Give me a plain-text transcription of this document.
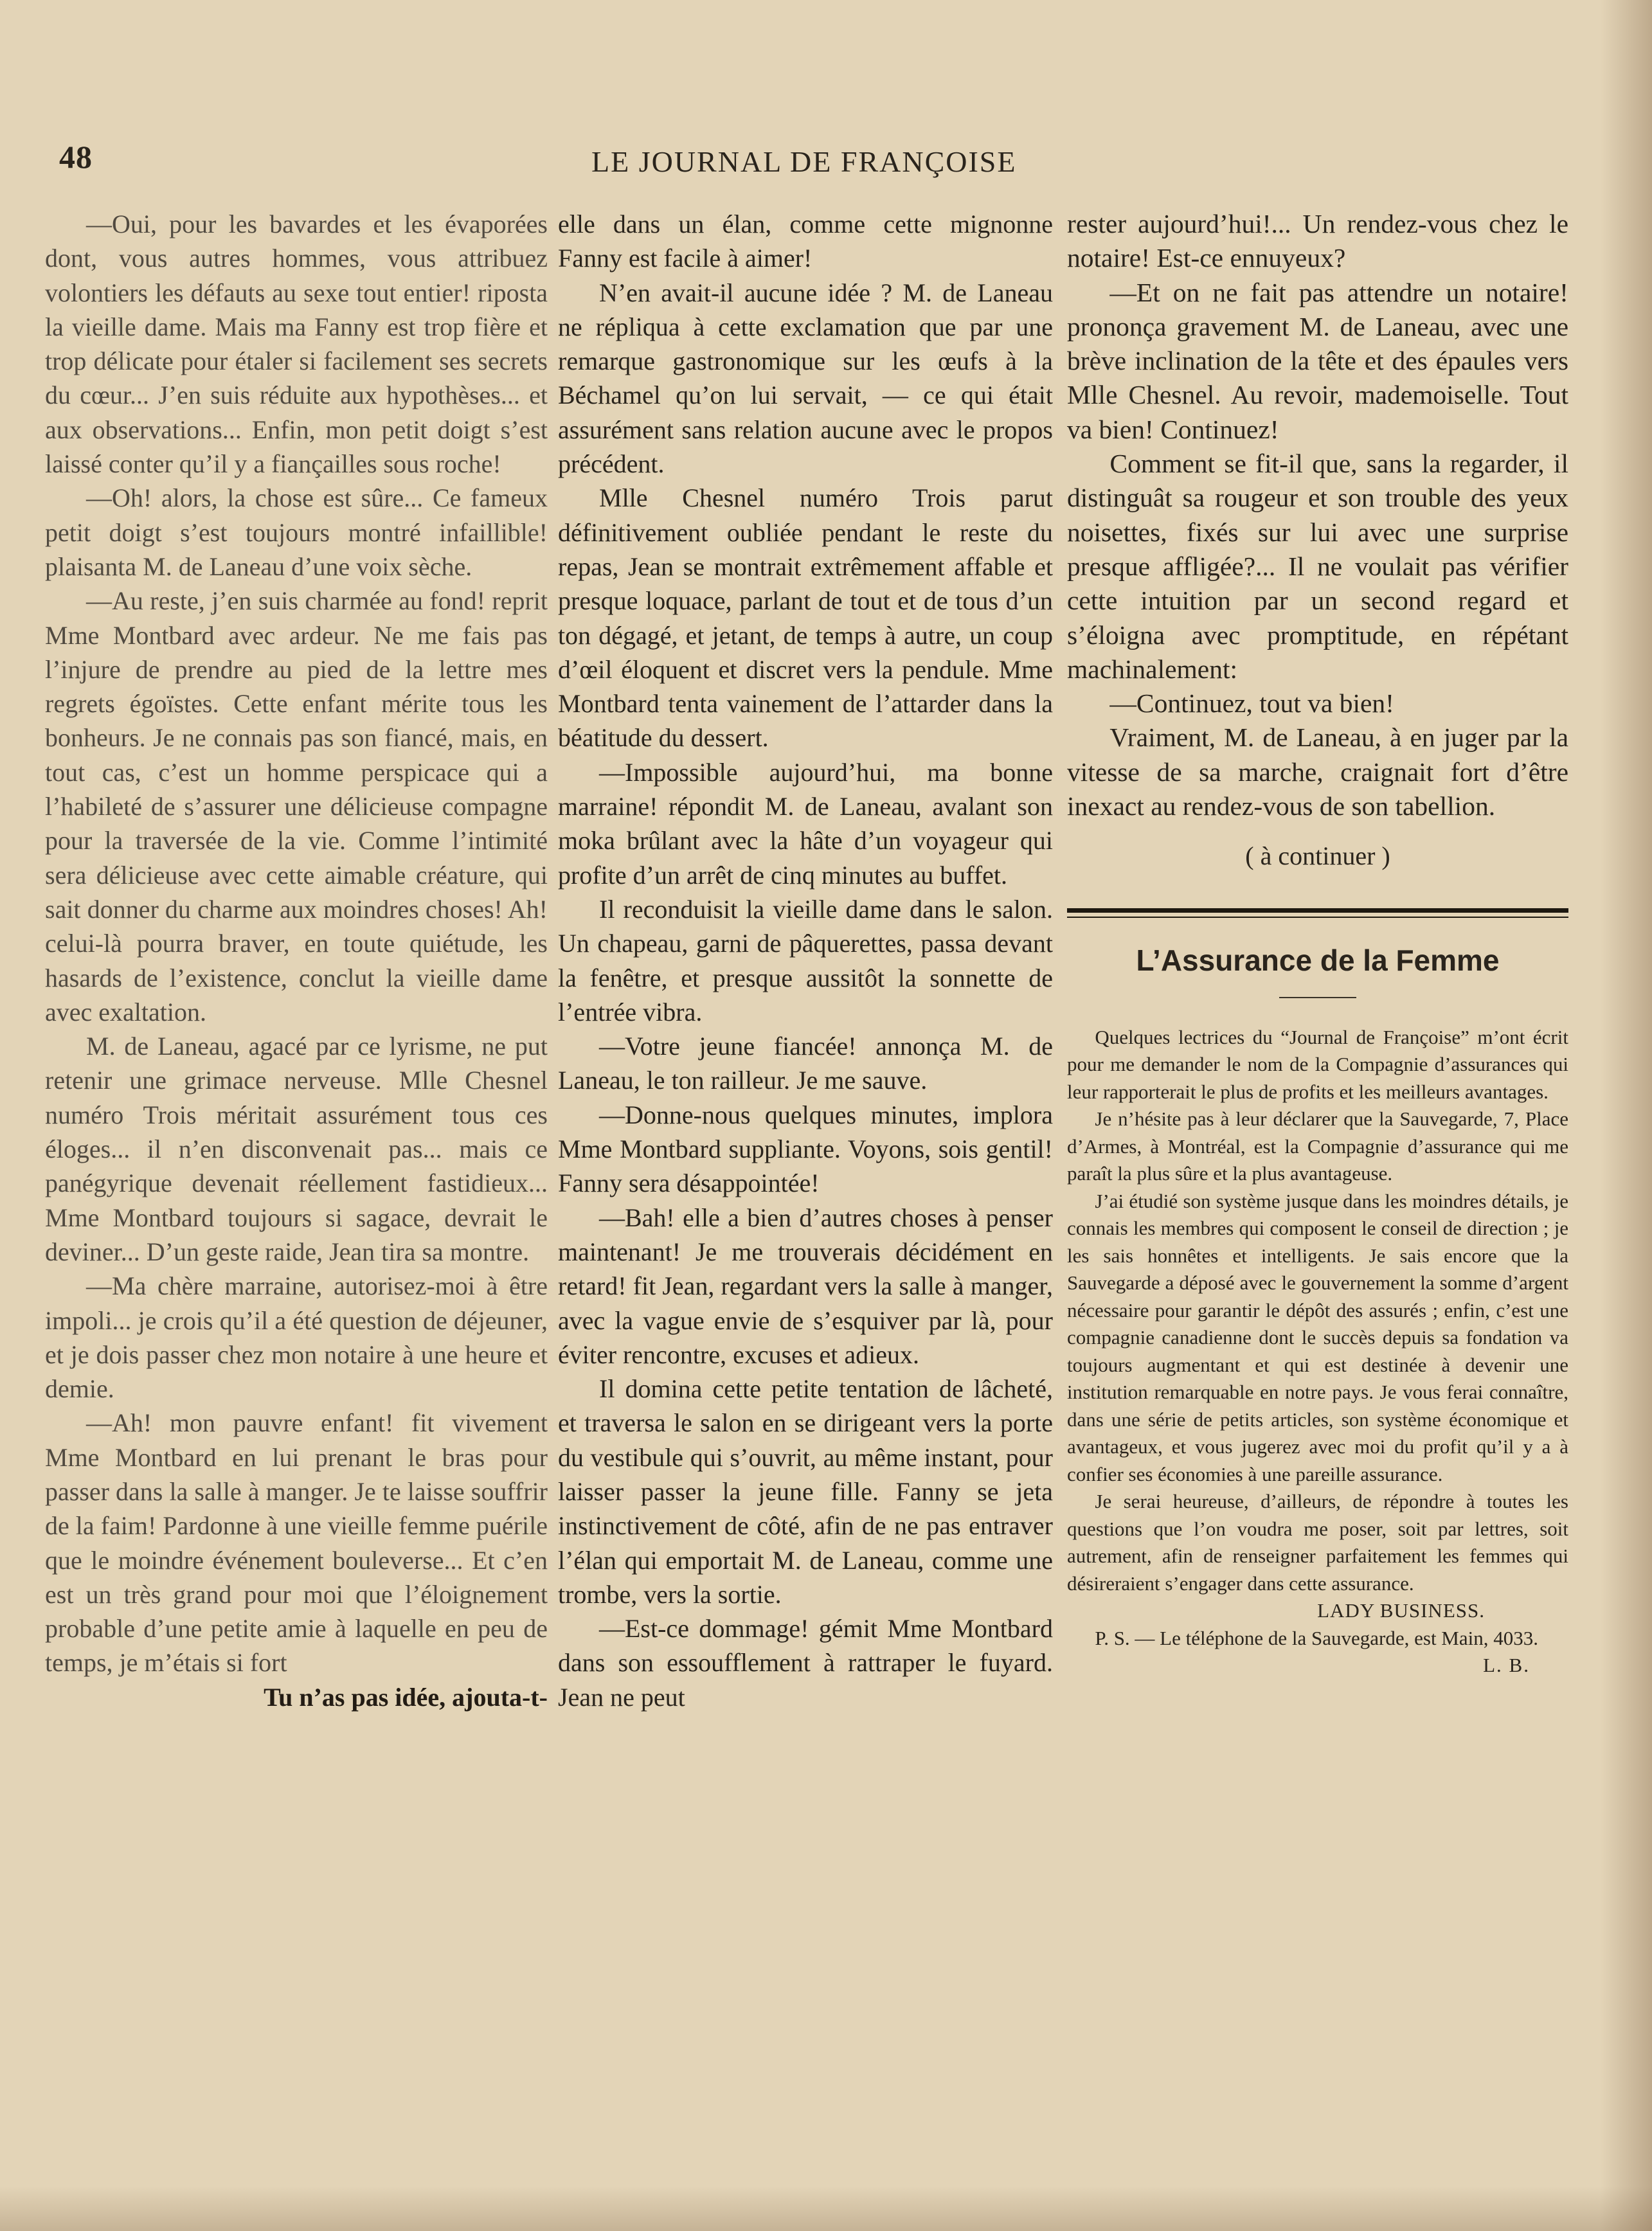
48	LE JOURNAL DE FRANÇOISE

—Oui, pour les bavardes et les évaporées dont, vous autres hommes, vous attribuez volontiers les défauts au sexe tout entier! riposta la vieille dame. Mais ma Fanny est trop fière et trop délicate pour étaler si facilement ses secrets du cœur... J’en suis réduite aux hypothèses... et aux observations... Enfin, mon petit doigt s’est laissé conter qu’il y a fiançailles sous roche!

—Oh! alors, la chose est sûre... Ce fameux petit doigt s’est toujours montré infaillible! plaisanta M. de Laneau d’une voix sèche.

—Au reste, j’en suis charmée au fond! reprit Mme Montbard avec ardeur. Ne me fais pas l’injure de prendre au pied de la lettre mes regrets égoïstes. Cette enfant mérite tous les bonheurs. Je ne connais pas son fiancé, mais, en tout cas, c’est un homme perspicace qui a l’habileté de s’assurer une délicieuse compagne pour la traversée de la vie. Comme l’intimité sera délicieuse avec cette aimable créature, qui sait donner du charme aux moindres choses! Ah! celui-là pourra braver, en toute quiétude, les hasards de l’existence, conclut la vieille dame avec exaltation.

M. de Laneau, agacé par ce lyrisme, ne put retenir une grimace nerveuse. Mlle Chesnel numéro Trois méritait assurément tous ces éloges... il n’en disconvenait pas... mais ce panégyrique devenait réellement fastidieux... Mme Montbard toujours si sagace, devrait le deviner... D’un geste raide, Jean tira sa montre.

—Ma chère marraine, autorisez-moi à être impoli... je crois qu’il a été question de déjeuner, et je dois passer chez mon notaire à une heure et demie.

—Ah! mon pauvre enfant! fit vivement Mme Montbard en lui prenant le bras pour passer dans la salle à manger. Je te laisse souffrir de la faim! Pardonne à une vieille femme puérile que le moindre événement bouleverse... Et c’en est un très grand pour moi que l’éloignement probable d’une petite amie à laquelle en peu de temps, je m’étais si fort

Tu n’as pas idée, ajouta-t-

elle dans un élan, comme cette mignonne Fanny est facile à aimer!

N’en avait-il aucune idée ? M. de Laneau ne répliqua à cette exclamation que par une remarque gastronomique sur les œufs à la Béchamel qu’on lui servait, — ce qui était assurément sans relation aucune avec le propos précédent.

Mlle Chesnel numéro Trois parut définitivement oubliée pendant le reste du repas, Jean se montrait extrêmement affable et presque loquace, parlant de tout et de tous d’un ton dégagé, et jetant, de temps à autre, un coup d’œil éloquent et discret vers la pendule. Mme Montbard tenta vainement de l’attarder dans la béatitude du dessert.

—Impossible aujourd’hui, ma bonne marraine! répondit M. de Laneau, avalant son moka brûlant avec la hâte d’un voyageur qui profite d’un arrêt de cinq minutes au buffet.

Il reconduisit la vieille dame dans le salon. Un chapeau, garni de pâquerettes, passa devant la fenêtre, et presque aussitôt la sonnette de l’entrée vibra.

—Votre jeune fiancée! annonça M. de Laneau, le ton railleur. Je me sauve.

—Donne-nous quelques minutes, implora Mme Montbard suppliante. Voyons, sois gentil! Fanny sera désappointée!

—Bah! elle a bien d’autres choses à penser maintenant! Je me trouverais décidément en retard! fit Jean, regardant vers la salle à manger, avec la vague envie de s’esquiver par là, pour éviter rencontre, excuses et adieux.

Il domina cette petite tentation de lâcheté, et traversa le salon en se dirigeant vers la porte du vestibule qui s’ouvrit, au même instant, pour laisser passer la jeune fille. Fanny se jeta instinctivement de côté, afin de ne pas entraver l’élan qui emportait M. de Laneau, comme une trombe, vers la sortie.

—Est-ce dommage! gémit Mme Montbard dans son essoufflement à rattraper le fuyard. Jean ne peut

rester aujourd’hui!... Un rendez-vous chez le notaire! Est-ce ennuyeux?

—Et on ne fait pas attendre un notaire! prononça gravement M. de Laneau, avec une brève inclination de la tête et des épaules vers Mlle Chesnel. Au revoir, mademoiselle. Tout va bien! Continuez!

Comment se fit-il que, sans la regarder, il distinguât sa rougeur et son trouble des yeux noisettes, fixés sur lui avec une surprise presque affligée?... Il ne voulait pas vérifier cette intuition par un second regard et s’éloigna avec promptitude, en répétant machinalement:

—Continuez, tout va bien!

Vraiment, M. de Laneau, à en juger par la vitesse de sa marche, craignait fort d’être inexact au rendez-vous de son tabellion.

( à continuer )
L’Assurance de la Femme

Quelques lectrices du “Journal de Françoise” m’ont écrit pour me demander le nom de la Compagnie d’assurances qui leur rapporterait le plus de profits et les meilleurs avantages.

Je n’hésite pas à leur déclarer que la Sauvegarde, 7, Place d’Armes, à Montréal, est la Compagnie d’assurance qui me paraît la plus sûre et la plus avantageuse.

J’ai étudié son système jusque dans les moindres détails, je connais les membres qui composent le conseil de direction ; je les sais honnêtes et intelligents. Je sais encore que la Sauvegarde a déposé avec le gouvernement la somme d’argent nécessaire pour garantir le dépôt des assurés ; enfin, c’est une compagnie canadienne dont le succès depuis sa fondation va toujours augmentant et qui est destinée à devenir une institution remarquable en notre pays. Je vous ferai connaître, dans une série de petits articles, son système économique et avantageux, et vous jugerez avec moi du profit qu’il y a à confier ses économies à une pareille assurance.

Je serai heureuse, d’ailleurs, de répondre à toutes les questions que l’on voudra me poser, soit par lettres, soit autrement, afin de renseigner parfaitement les femmes qui désireraient s’engager dans cette assurance.

LADY BUSINESS.

P. S. — Le téléphone de la Sauvegarde, est Main, 4033.

L. B.
